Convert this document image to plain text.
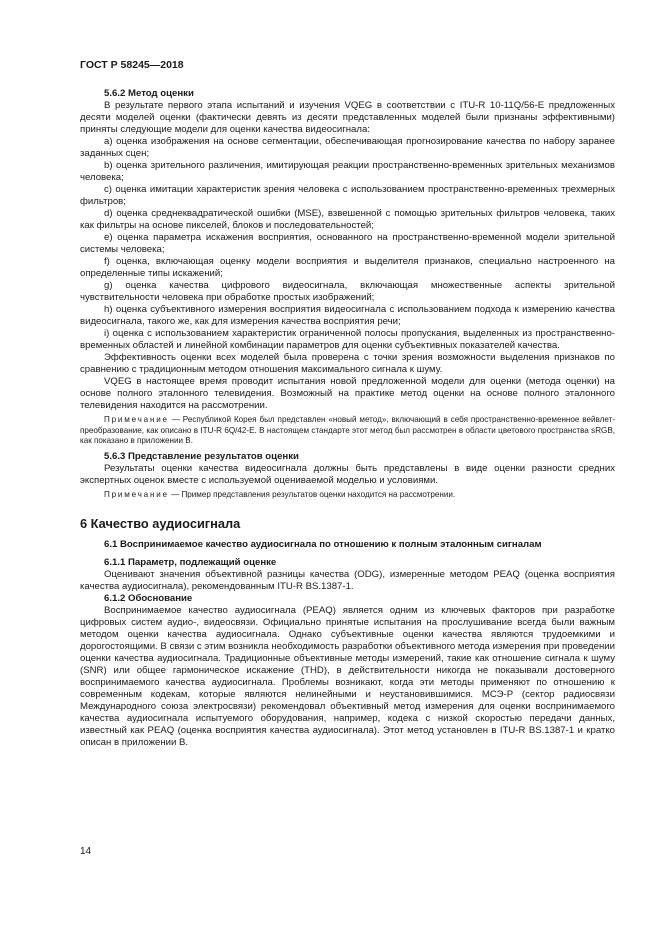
ГОСТ Р 58245—2018

5.6.2 Метод оценки

В результате первого этапа испытаний и изучения VQEG в соответствии с ITU-R 10-11Q/56-E предложенных десяти моделей оценки (фактически девять из десяти представленных моделей были признаны эффективными) приняты следующие модели для оценки качества видеосигнала:

a) оценка изображения на основе сегментации, обеспечивающая прогнозирование качества по набору заранее заданных сцен;

b) оценка зрительного различения, имитирующая реакции пространственно-временных зрительных механизмов человека;

c) оценка имитации характеристик зрения человека с использованием пространственно-временных трехмерных фильтров;

d) оценка среднеквадратической ошибки (MSE), взвешенной с помощью зрительных фильтров человека, таких как фильтры на основе пикселей, блоков и последовательностей;

e) оценка параметра искажения восприятия, основанного на пространственно-временной модели зрительной системы человека;

f) оценка, включающая оценку модели восприятия и выделителя признаков, специально настроенного на определенные типы искажений;

g) оценка качества цифрового видеосигнала, включающая множественные аспекты зрительной чувствительности человека при обработке простых изображений;

h) оценка субъективного измерения восприятия видеосигнала с использованием подхода к измерению качества видеосигнала, такого же, как для измерения качества восприятия речи;

i) оценка с использованием характеристик ограниченной полосы пропускания, выделенных из пространственно-временных областей и линейной комбинации параметров для оценки субъективных показателей качества.

Эффективность оценки всех моделей была проверена с точки зрения возможности выделения признаков по сравнению с традиционным методом отношения максимального сигнала к шуму.

VQEG в настоящее время проводит испытания новой предложенной модели для оценки (метода оценки) на основе полного эталонного телевидения. Возможный на практике метод оценки на основе полного эталонного телевидения находится на рассмотрении.

Примечание — Республикой Корея был представлен «новый метод», включающий в себя пространственно-временное вейвлет-преобразование, как описано в ITU-R 6Q/42-E. В настоящем стандарте этот метод был рассмотрен в области цветового пространства sRGB, как показано в приложении В.

5.6.3 Представление результатов оценки

Результаты оценки качества видеосигнала должны быть представлены в виде оценки разности средних экспертных оценок вместе с используемой оцениваемой моделью и условиями.

Примечание — Пример представления результатов оценки находится на рассмотрении.

6 Качество аудиосигнала

6.1 Воспринимаемое качество аудиосигнала по отношению к полным эталонным сигналам

6.1.1 Параметр, подлежащий оценке

Оценивают значения объективной разницы качества (ODG), измеренные методом PEAQ (оценка восприятия качества аудиосигнала), рекомендованным ITU-R BS.1387-1.

6.1.2 Обоснование

Воспринимаемое качество аудиосигнала (PEAQ) является одним из ключевых факторов при разработке цифровых систем аудио-, видеосвязи. Официально принятые испытания на прослушивание всегда были важным методом оценки качества аудиосигнала. Однако субъективные оценки качества являются трудоемкими и дорогостоящими. В связи с этим возникла необходимость разработки объективного метода измерения при проведении оценки качества аудиосигнала. Традиционные объективные методы измерений, такие как отношение сигнала к шуму (SNR) или общее гармоническое искажение (THD), в действительности никогда не показывали достоверного воспринимаемого качества аудиосигнала. Проблемы возникают, когда эти методы применяют по отношению к современным кодекам, которые являются нелинейными и неустановившимися. МСЭ-Р (сектор радиосвязи Международного союза электросвязи) рекомендовал объективный метод измерения для оценки воспринимаемого качества аудиосигнала испытуемого оборудования, например, кодека с низкой скоростью передачи данных, известный как PEAQ (оценка восприятия качества аудиосигнала). Этот метод установлен в ITU-R BS.1387-1 и кратко описан в приложении В.

14
